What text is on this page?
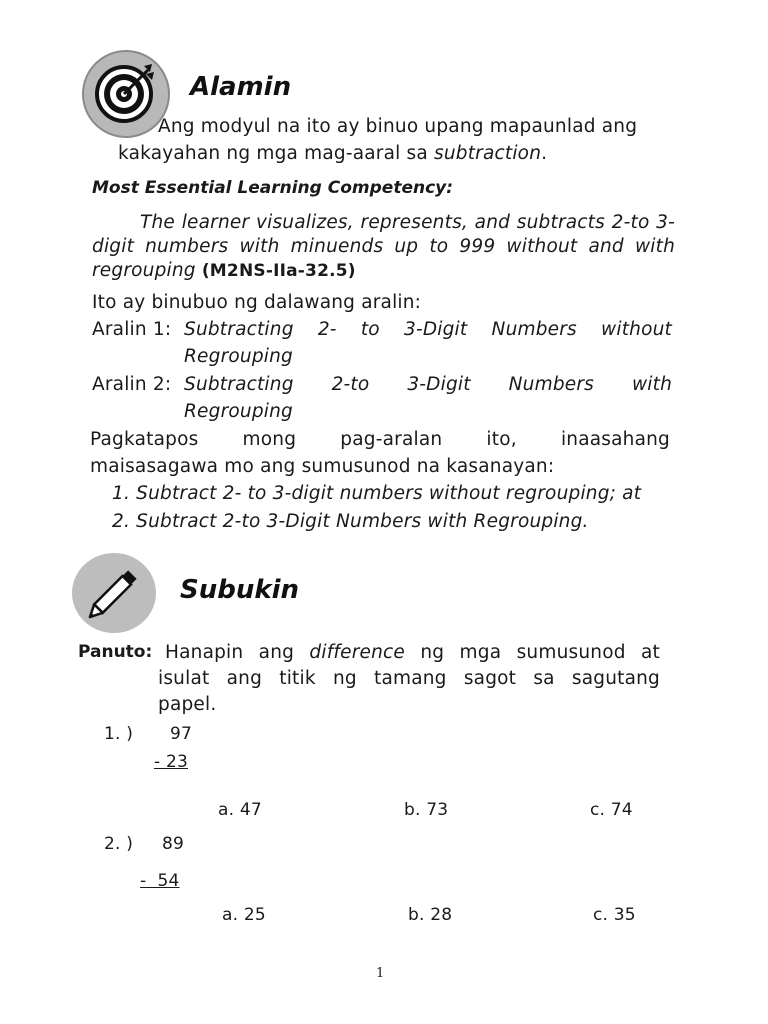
Alamin
Ang modyul na ito ay binuo upang mapaunlad ang
kakayahan ng mga mag-aaral sa subtraction.
Most Essential Learning Competency:
The learner visualizes, represents, and subtracts 2-to 3-
digit numbers with minuends up to 999 without and with
regrouping (M2NS-IIa-32.5)
Ito ay binubuo ng dalawang aralin:
Aralin 1: Subtracting 2- to 3-Digit Numbers without
Regrouping
Aralin 2: Subtracting 2-to 3-Digit Numbers with
Regrouping
Pagkatapos mong pag-aralan ito, inaasahang
maisasagawa mo ang sumusunod na kasanayan:
1. Subtract 2- to 3-digit numbers without regrouping; at
2. Subtract 2-to 3-Digit Numbers with Regrouping.
Subukin
Panuto: Hanapin ang difference ng mga sumusunod at
isulat ang titik ng tamang sagot sa sagutang
papel.
1. ) 97
- 23
a. 47	b. 73	c. 74
2. ) 89
-  54
a. 25	b. 28	c. 35
1
